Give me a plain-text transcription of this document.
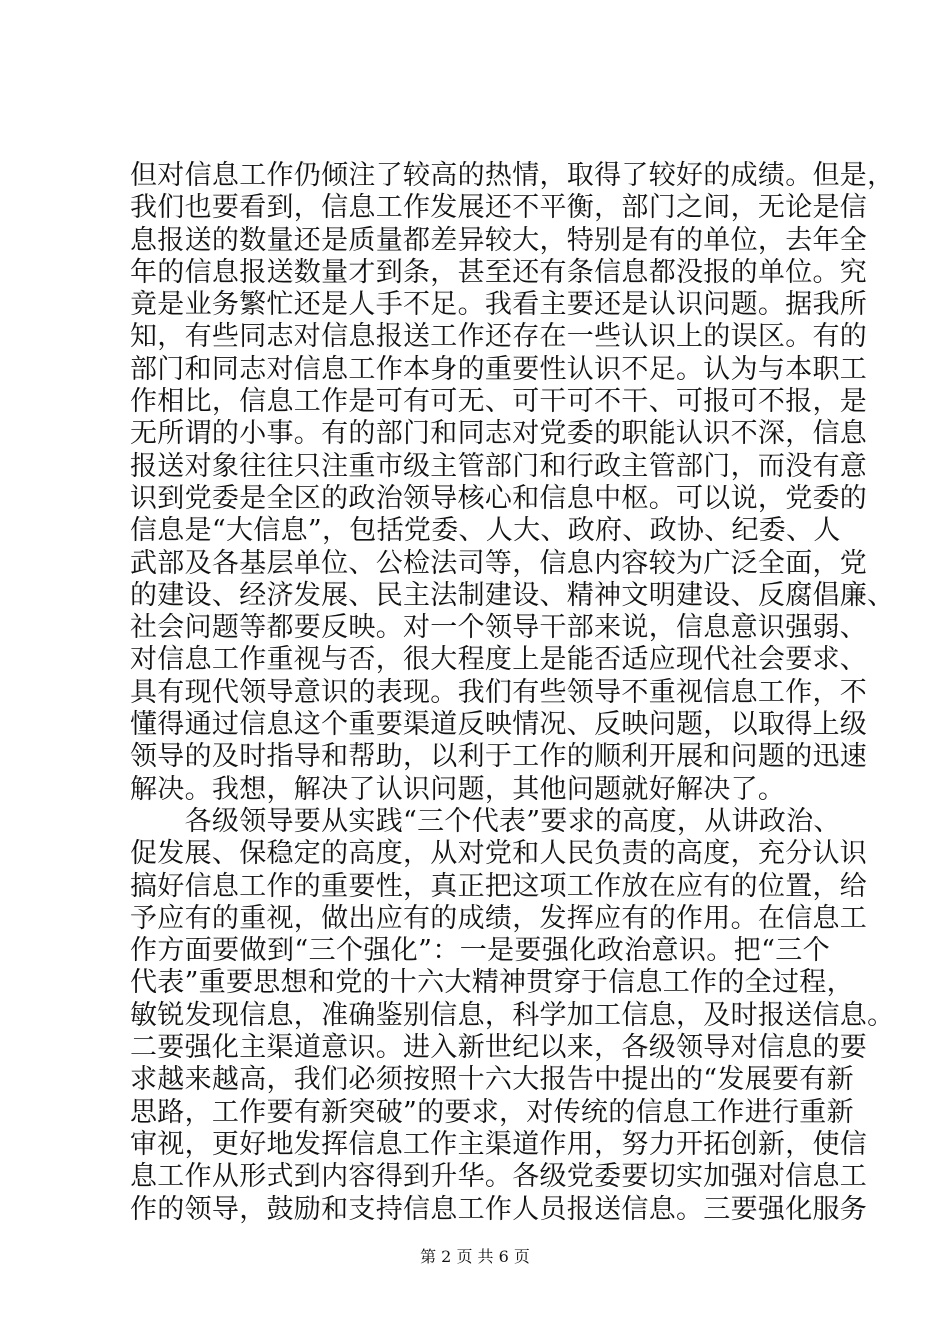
但对信息工作仍倾注了较高的热情，取得了较好的成绩。但是，
我们也要看到，信息工作发展还不平衡，部门之间，无论是信
息报送的数量还是质量都差异较大，特别是有的单位，去年全
年的信息报送数量才到条，甚至还有条信息都没报的单位。究
竟是业务繁忙还是人手不足。我看主要还是认识问题。据我所
知，有些同志对信息报送工作还存在一些认识上的误区。有的
部门和同志对信息工作本身的重要性认识不足。认为与本职工
作相比，信息工作是可有可无、可干可不干、可报可不报，是
无所谓的小事。有的部门和同志对党委的职能认识不深，信息
报送对象往往只注重市级主管部门和行政主管部门，而没有意
识到党委是全区的政治领导核心和信息中枢。可以说，党委的
信息是“大信息”，包括党委、人大、政府、政协、纪委、人
武部及各基层单位、公检法司等，信息内容较为广泛全面，党
的建设、经济发展、民主法制建设、精神文明建设、反腐倡廉、
社会问题等都要反映。对一个领导干部来说，信息意识强弱、
对信息工作重视与否，很大程度上是能否适应现代社会要求、
具有现代领导意识的表现。我们有些领导不重视信息工作，不
懂得通过信息这个重要渠道反映情况、反映问题，以取得上级
领导的及时指导和帮助，以利于工作的顺利开展和问题的迅速
解决。我想，解决了认识问题，其他问题就好解决了。
　　各级领导要从实践“三个代表”要求的高度，从讲政治、
促发展、保稳定的高度，从对党和人民负责的高度，充分认识
搞好信息工作的重要性，真正把这项工作放在应有的位置，给
予应有的重视，做出应有的成绩，发挥应有的作用。在信息工
作方面要做到“三个强化”：一是要强化政治意识。把“三个
代表”重要思想和党的十六大精神贯穿于信息工作的全过程，
敏锐发现信息，准确鉴别信息，科学加工信息，及时报送信息。
二要强化主渠道意识。进入新世纪以来，各级领导对信息的要
求越来越高，我们必须按照十六大报告中提出的“发展要有新
思路，工作要有新突破”的要求，对传统的信息工作进行重新
审视，更好地发挥信息工作主渠道作用，努力开拓创新，使信
息工作从形式到内容得到升华。各级党委要切实加强对信息工
作的领导，鼓励和支持信息工作人员报送信息。三要强化服务
第 2 页 共 6 页
